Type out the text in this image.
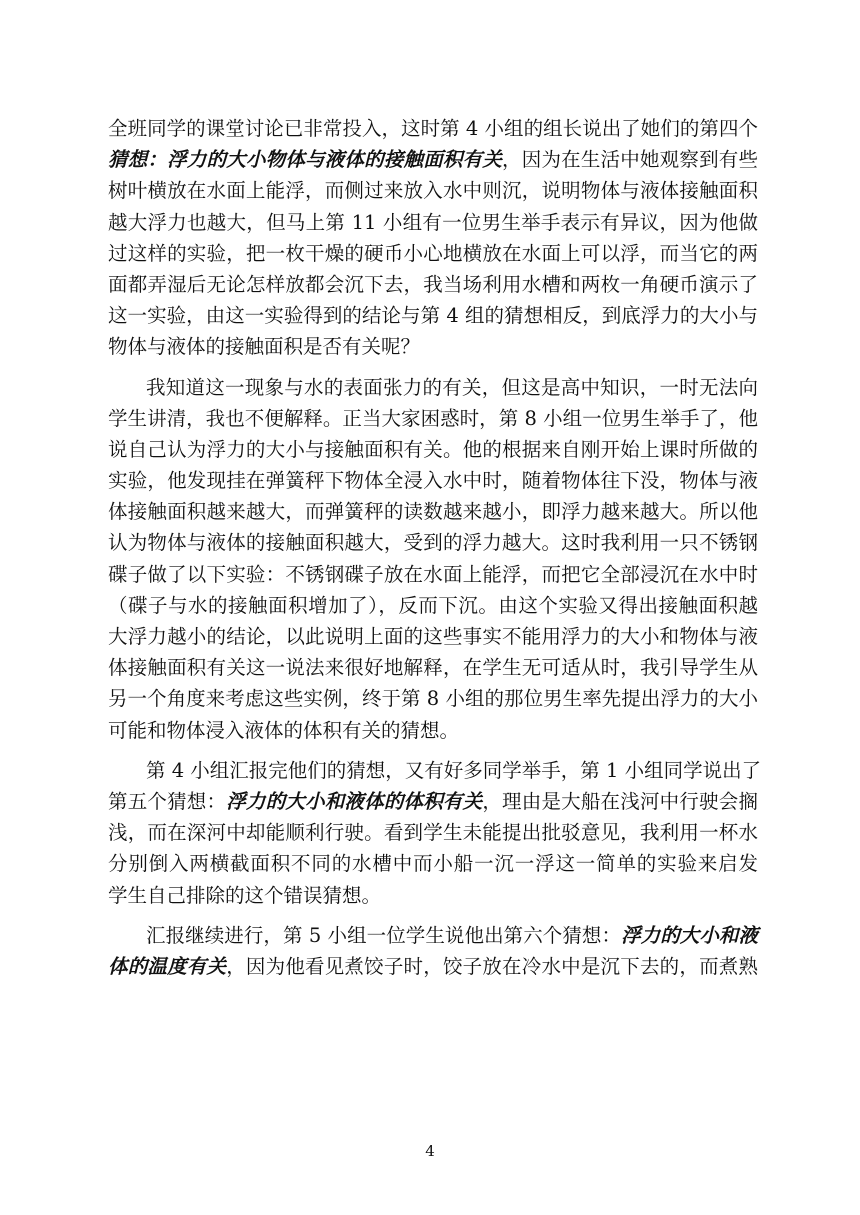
全班同学的课堂讨论已非常投入，这时第 4 小组的组长说出了她们的第四个
猜想：浮力的大小物体与液体的接触面积有关，因为在生活中她观察到有些
树叶横放在水面上能浮，而侧过来放入水中则沉，说明物体与液体接触面积
越大浮力也越大，但马上第 11 小组有一位男生举手表示有异议，因为他做
过这样的实验，把一枚干燥的硬币小心地横放在水面上可以浮，而当它的两
面都弄湿后无论怎样放都会沉下去，我当场利用水槽和两枚一角硬币演示了
这一实验，由这一实验得到的结论与第 4 组的猜想相反，到底浮力的大小与
物体与液体的接触面积是否有关呢？
我知道这一现象与水的表面张力的有关，但这是高中知识，一时无法向
学生讲清，我也不便解释。正当大家困惑时，第 8 小组一位男生举手了，他
说自己认为浮力的大小与接触面积有关。他的根据来自刚开始上课时所做的
实验，他发现挂在弹簧秤下物体全浸入水中时，随着物体往下没，物体与液
体接触面积越来越大，而弹簧秤的读数越来越小，即浮力越来越大。所以他
认为物体与液体的接触面积越大，受到的浮力越大。这时我利用一只不锈钢
碟子做了以下实验：不锈钢碟子放在水面上能浮，而把它全部浸沉在水中时
（碟子与水的接触面积增加了），反而下沉。由这个实验又得出接触面积越
大浮力越小的结论，以此说明上面的这些事实不能用浮力的大小和物体与液
体接触面积有关这一说法来很好地解释，在学生无可适从时，我引导学生从
另一个角度来考虑这些实例，终于第 8 小组的那位男生率先提出浮力的大小
可能和物体浸入液体的体积有关的猜想。
第 4 小组汇报完他们的猜想，又有好多同学举手，第 1 小组同学说出了
第五个猜想：浮力的大小和液体的体积有关，理由是大船在浅河中行驶会搁
浅，而在深河中却能顺利行驶。看到学生未能提出批驳意见，我利用一杯水
分别倒入两横截面积不同的水槽中而小船一沉一浮这一简单的实验来启发
学生自己排除的这个错误猜想。
汇报继续进行，第 5 小组一位学生说他出第六个猜想：浮力的大小和液
体的温度有关，因为他看见煮饺子时，饺子放在冷水中是沉下去的，而煮熟
4
